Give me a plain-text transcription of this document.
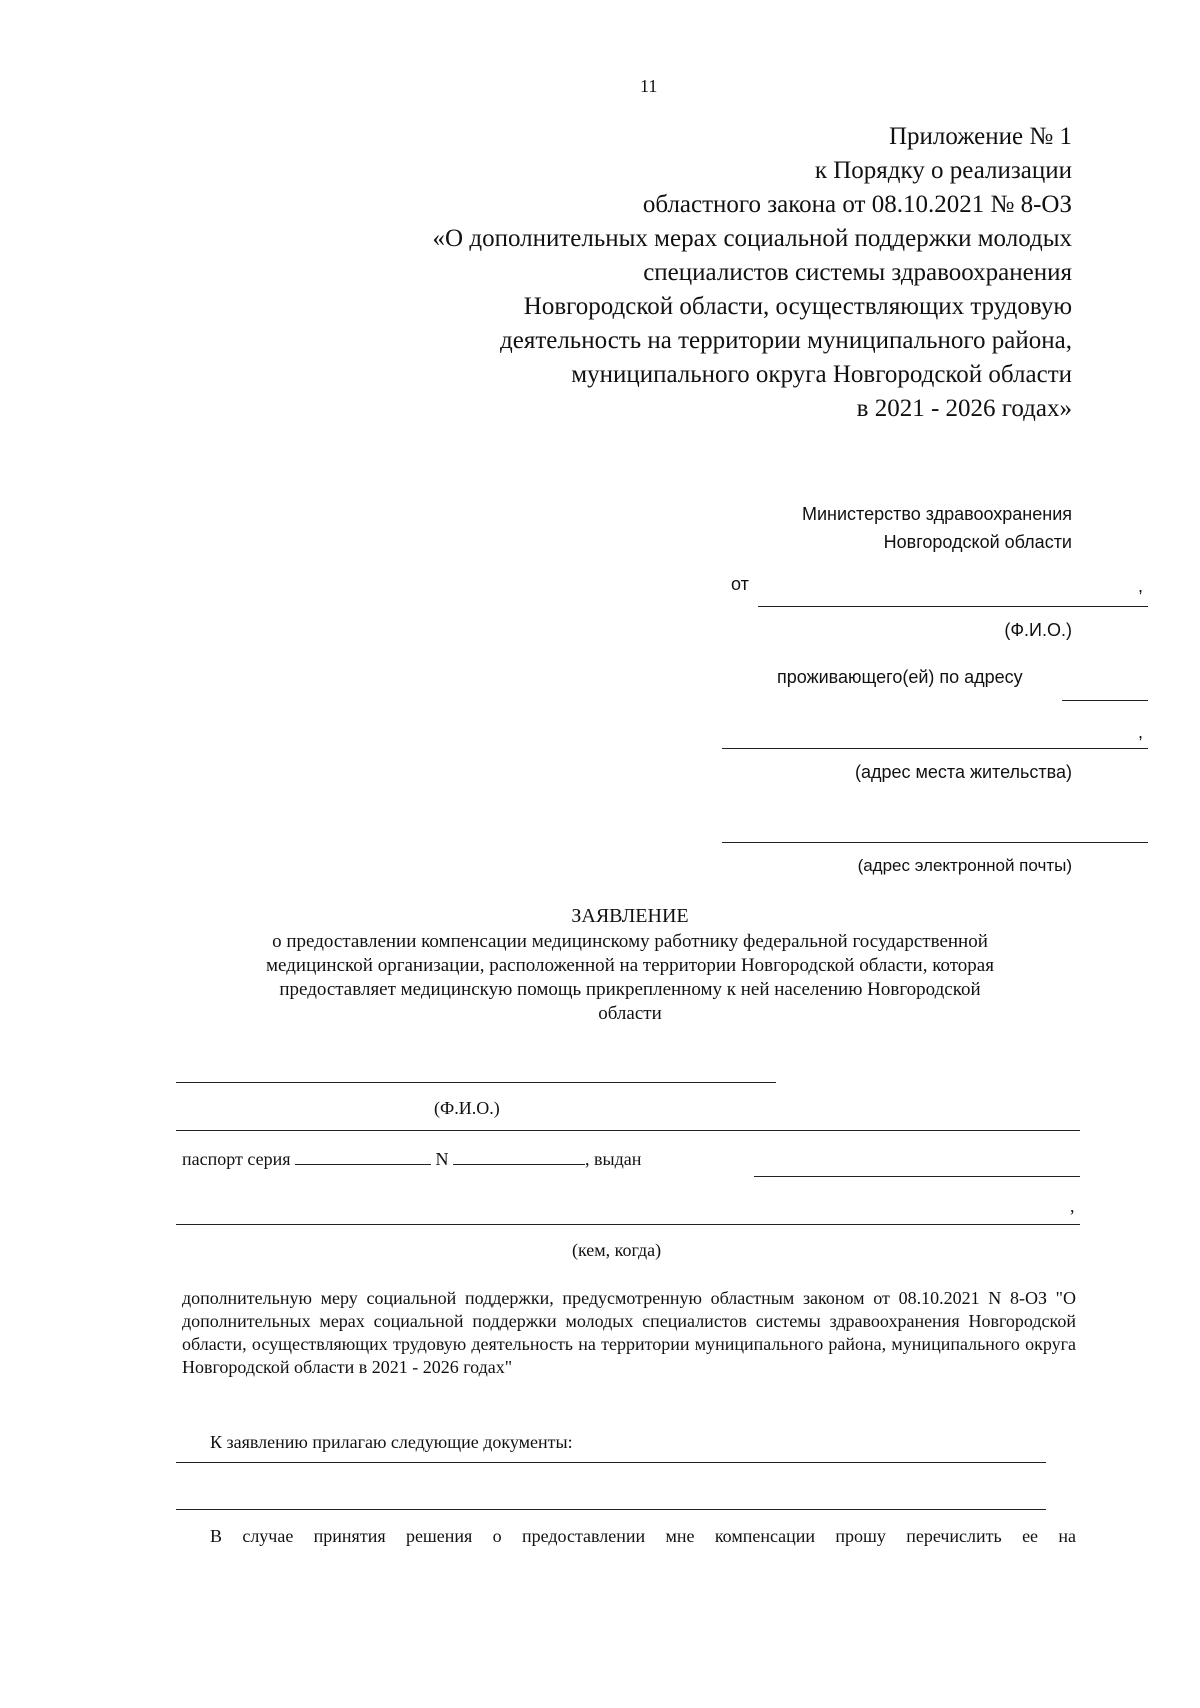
11
Приложение № 1
к Порядку о реализации
областного закона от 08.10.2021 № 8-ОЗ
«О дополнительных мерах социальной поддержки молодых
специалистов системы здравоохранения
Новгородской области, осуществляющих трудовую
деятельность на территории муниципального района,
муниципального округа Новгородской области
в 2021 - 2026 годах»
Министерство здравоохранения
Новгородской области
от	,
(Ф.И.О.)
проживающего(ей) по адресу
,
(адрес места жительства)
(адрес электронной почты)
ЗАЯВЛЕНИЕ
о предоставлении компенсации медицинскому работнику федеральной государственной
медицинской организации, расположенной на территории Новгородской области, которая
предоставляет медицинскую помощь прикрепленному к ней населению Новгородской
области
(Ф.И.О.)
паспорт серия	N	, выдан
,
(кем, когда)
дополнительную меру социальной поддержки, предусмотренную областным законом от 08.10.2021 N 8-ОЗ "О дополнительных мерах социальной поддержки молодых специалистов системы здравоохранения Новгородской области, осуществляющих трудовую деятельность на территории муниципального района, муниципального округа Новгородской области в 2021 - 2026 годах"
К заявлению прилагаю следующие документы:
В случае принятия решения о предоставлении мне компенсации прошу перечислить ее на
